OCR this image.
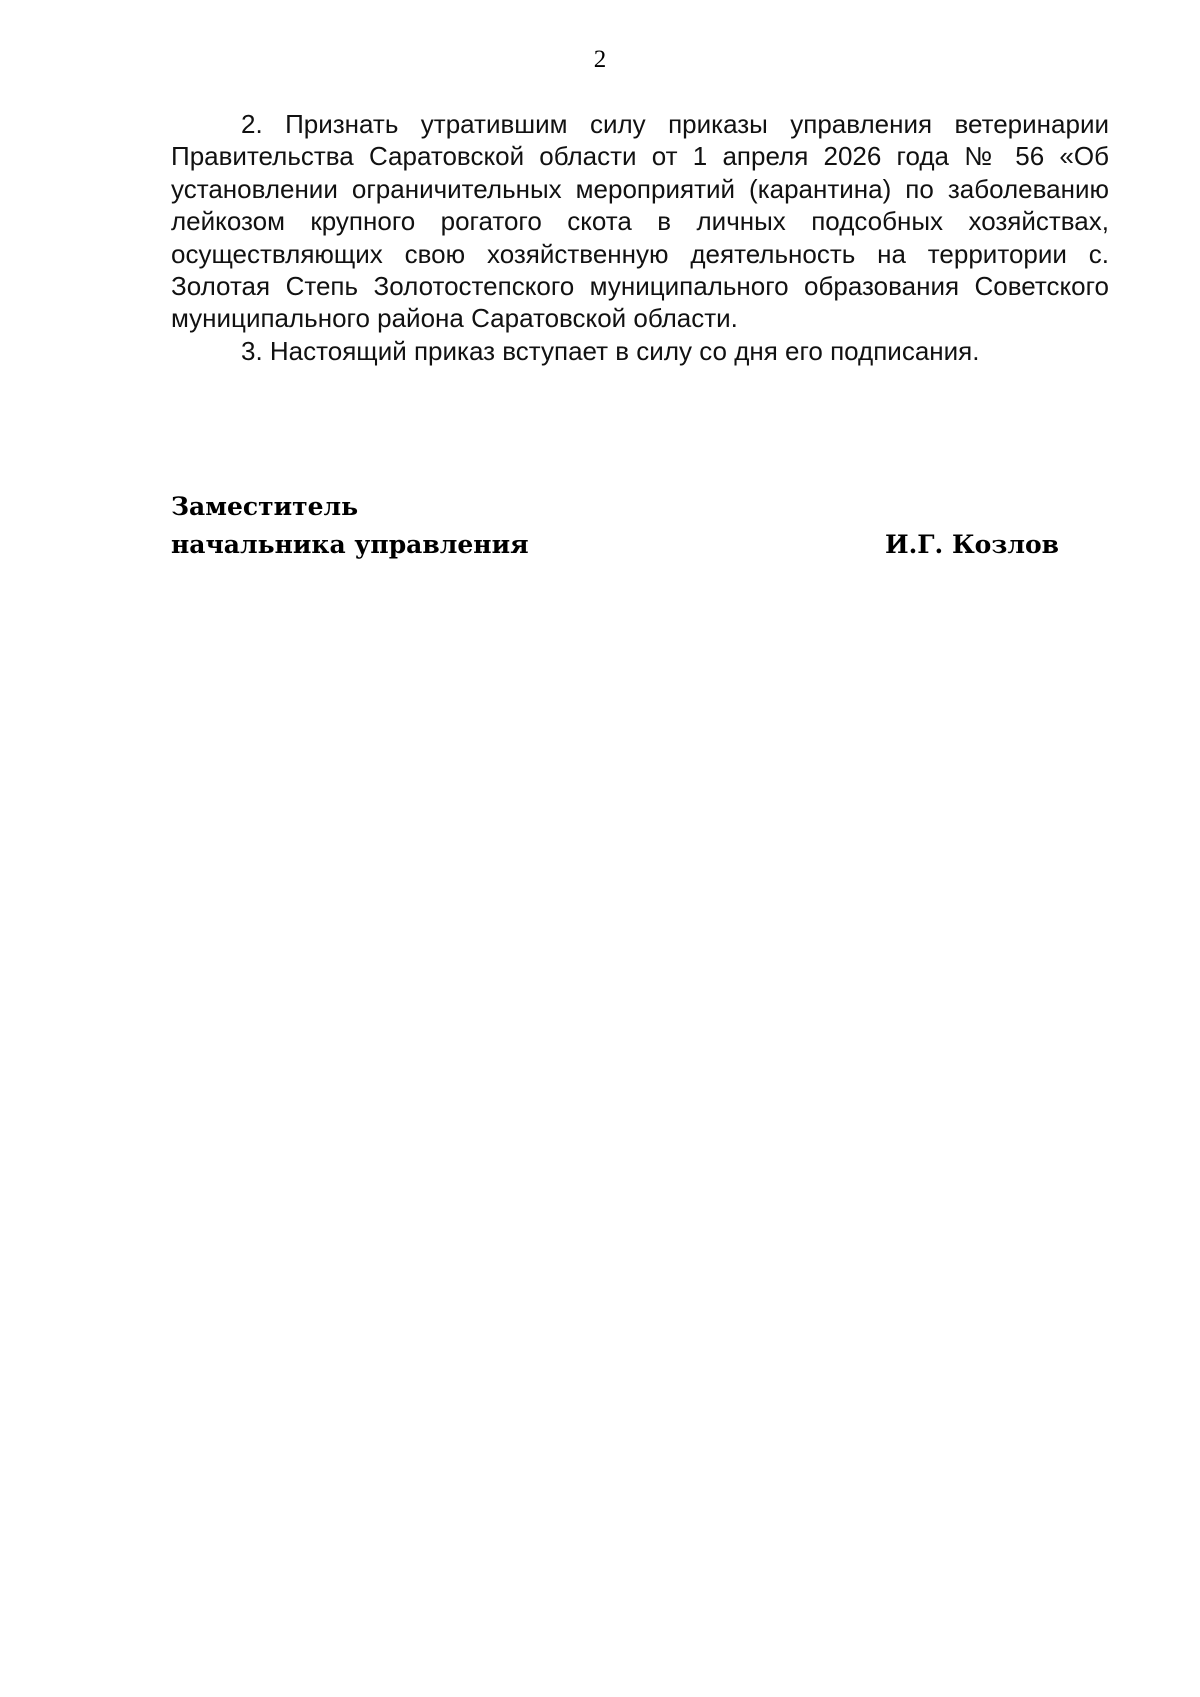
2

2. Признать утратившим силу приказы управления ветеринарии Правительства Саратовской области от 1 апреля 2026 года № 56 «Об установлении ограничительных мероприятий (карантина) по заболеванию лейкозом крупного рогатого скота в личных подсобных хозяйствах, осуществляющих свою хозяйственную деятельность на территории с. Золотая Степь Золотостепского муниципального образования Советского муниципального района Саратовской области.

3. Настоящий приказ вступает в силу со дня его подписания.

Заместитель
начальника управления	И.Г. Козлов
